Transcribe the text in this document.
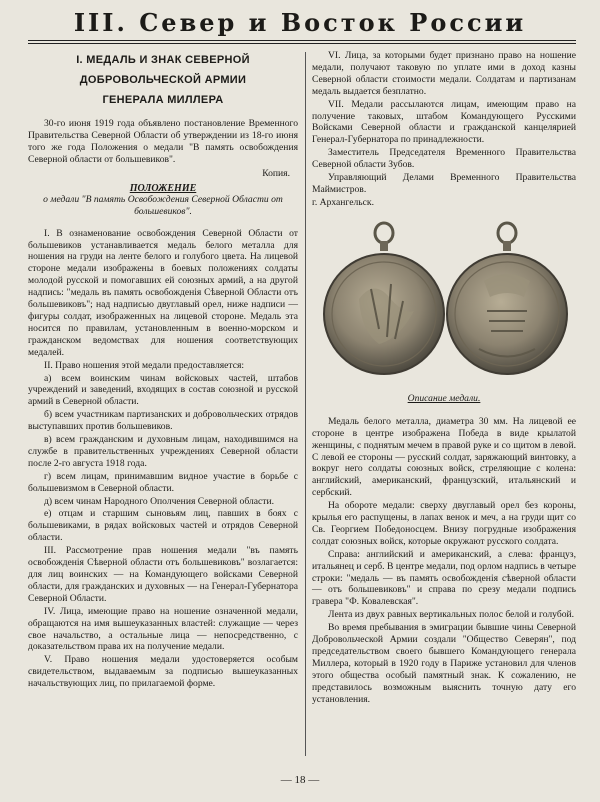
III. Север и Восток России
I. МЕДАЛЬ И ЗНАК СЕВЕРНОЙ
ДОБРОВОЛЬЧЕСКОЙ АРМИИ
ГЕНЕРАЛА МИЛЛЕРА

30-го июня 1919 года объявлено постановление Временного Правительства Северной Области об утверждении из 18-го июня того же года Положения о медали "В память освобождения Северной области от большевиков".

Копия.
ПОЛОЖЕНИЕ
о медали "В память Освобождения Северной Области от большевиков".

I. В ознаменование освобождения Северной Области от большевиков устанавливается медаль белого металла для ношения на груди на ленте белого и голубого цвета. На лицевой стороне медали изображены в боевых положениях солдаты молодой русской и помогавших ей союзных армий, а на другой надпись: "медаль въ память освобожденія Сѣверной Области отъ большевиковъ"; над надписью двуглавый орел, ниже надписи — фигуры солдат, изображенных на лицевой стороне. Медаль эта носится по правилам, установленным в военно-морском и гражданском ведомствах для ношения соответствующих медалей.

II. Право ношения этой медали предоставляется:

а) всем воинским чинам войсковых частей, штабов учреждений и заведений, входящих в состав союзной и русской армий в Северной области.

б) всем участникам партизанских и добровольческих отрядов выступавших против большевиков.

в) всем гражданским и духовным лицам, находившимся на службе в правительственных учреждениях Северной области после 2-го августа 1918 года.

г) всем лицам, принимавшим видное участие в борьбе с большевизмом в Северной области.

д) всем чинам Народного Ополчения Северной области.

е) отцам и старшим сыновьям лиц, павших в боях с большевиками, в рядах войсковых частей и отрядов Северной области.

III. Рассмотрение прав ношения медали "въ память освобожденія Сѣверной области отъ большевиковъ" возлагается: для лиц воинских — на Командующего войсками Северной области, для гражданских и духовных — на Генерал-Губернатора Северной Области.

IV. Лица, имеющие право на ношение означенной медали, обращаются на имя вышеуказанных властей: служащие — через свое начальство, а остальные лица — непосредственно, с доказательством права их на получение медали.

V. Право ношения медали удостоверяется особым свидетельством, выдаваемым за подписью вышеуказанных начальствующих лиц, по прилагаемой форме.

VI. Лица, за которыми будет признано право на ношение медали, получают таковую по уплате ими в доход казны Северной области стоимости медали. Солдатам и партизанам медаль выдается безплатно.

VII. Медали рассылаются лицам, имеющим право на получение таковых, штабом Командующего Русскими Войсками Северной области и гражданской канцелярией Генерал-Губернатора по принадлежности.

Заместитель Председателя Временного Правительства Северной области Зубов.

Управляющий Делами Временного Правительства Маймистров.

г. Архангельск.

Описание медали.

Медаль белого металла, диаметра 30 мм. На лицевой ее стороне в центре изображена Победа в виде крылатой женщины, с поднятым мечем в правой руке и со щитом в левой. С левой ее стороны — русский солдат, заряжающий винтовку, а вокруг него солдаты союзных войск, стреляющие с колена: английский, американский, французский, итальянский и сербский.

На оборотe медали: сверху двуглавый орел без короны, крылья его распущены, в лапах венок и меч, а на груди щит со Св. Георгием Победоносцем. Внизу погрудные изображения солдат союзных войск, которые окружают русского солдата.

Справа: английский и американский, а слева: француз, итальянец и серб. В центре медали, под орлом надпись в четыре строки: "медаль — въ память освобожденія сѣверной области — отъ большевиковъ" и справа по срезу медали подпись гравера "Ф. Ковалевская".

Лента из двух равных вертикальных полос белой и голубой.

Во время пребывания в эмиграции бывшие чины Северной Добровольческой Армии создали "Общество Северян", под председательством своего бывшего Командующего генерала Миллера, который в 1920 году в Париже установил для членов этого общества особый памятный знак. К сожалению, не представилось возможным выяснить точную дату его установления.

— 18 —
